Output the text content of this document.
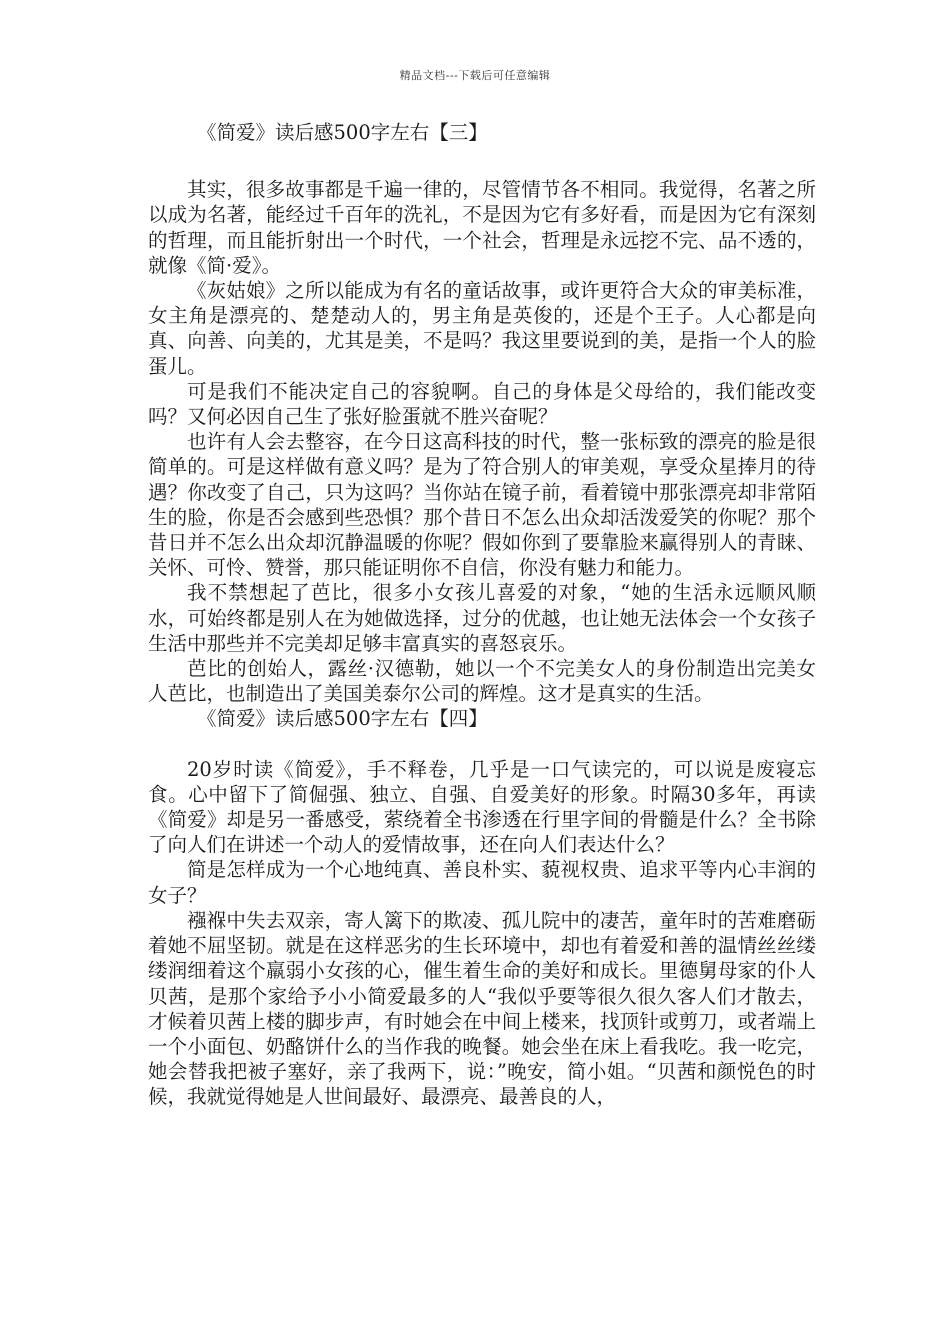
精品文档---下载后可任意编辑
《简爱》读后感500字左右【三】

其实，很多故事都是千遍一律的，尽管情节各不相同。我觉得，名著之所以成为名著，能经过千百年的洗礼，不是因为它有多好看，而是因为它有深刻的哲理，而且能折射出一个时代，一个社会，哲理是永远挖不完、品不透的，就像《简·爱》。

《灰姑娘》之所以能成为有名的童话故事，或许更符合大众的审美标准，女主角是漂亮的、楚楚动人的，男主角是英俊的，还是个王子。人心都是向真、向善、向美的，尤其是美，不是吗？我这里要说到的美，是指一个人的脸蛋儿。

可是我们不能决定自己的容貌啊。自己的身体是父母给的，我们能改变吗？又何必因自己生了张好脸蛋就不胜兴奋呢？

也许有人会去整容，在今日这高科技的时代，整一张标致的漂亮的脸是很简单的。可是这样做有意义吗？是为了符合别人的审美观，享受众星捧月的待遇？你改变了自己，只为这吗？当你站在镜子前，看着镜中那张漂亮却非常陌生的脸，你是否会感到些恐惧？那个昔日不怎么出众却活泼爱笑的你呢？那个昔日并不怎么出众却沉静温暖的你呢？假如你到了要靠脸来赢得别人的青睐、关怀、可怜、赞誉，那只能证明你不自信，你没有魅力和能力。

我不禁想起了芭比，很多小女孩儿喜爱的对象，“她的生活永远顺风顺水，可始终都是别人在为她做选择，过分的优越，也让她无法体会一个女孩子生活中那些并不完美却足够丰富真实的喜怒哀乐。

芭比的创始人，露丝·汉德勒，她以一个不完美女人的身份制造出完美女人芭比，也制造出了美国美泰尔公司的辉煌。这才是真实的生活。

《简爱》读后感500字左右【四】

20岁时读《简爱》，手不释卷，几乎是一口气读完的，可以说是废寝忘食。心中留下了简倔强、独立、自强、自爱美好的形象。时隔30多年，再读《简爱》却是另一番感受，萦绕着全书渗透在行里字间的骨髓是什么？全书除了向人们在讲述一个动人的爱情故事，还在向人们表达什么？

简是怎样成为一个心地纯真、善良朴实、藐视权贵、追求平等内心丰润的女子？

襁褓中失去双亲，寄人篱下的欺凌、孤儿院中的凄苦，童年时的苦难磨砺着她不屈坚韧。就是在这样恶劣的生长环境中，却也有着爱和善的温情丝丝缕缕润细着这个羸弱小女孩的心，催生着生命的美好和成长。里德舅母家的仆人贝茜，是那个家给予小小简爱最多的人“我似乎要等很久很久客人们才散去，才候着贝茜上楼的脚步声，有时她会在中间上楼来，找顶针或剪刀，或者端上一个小面包、奶酪饼什么的当作我的晚餐。她会坐在床上看我吃。我一吃完，她会替我把被子塞好，亲了我两下，说：”晚安，简小姐。“贝茜和颜悦色的时候，我就觉得她是人世间最好、最漂亮、最善良的人，
